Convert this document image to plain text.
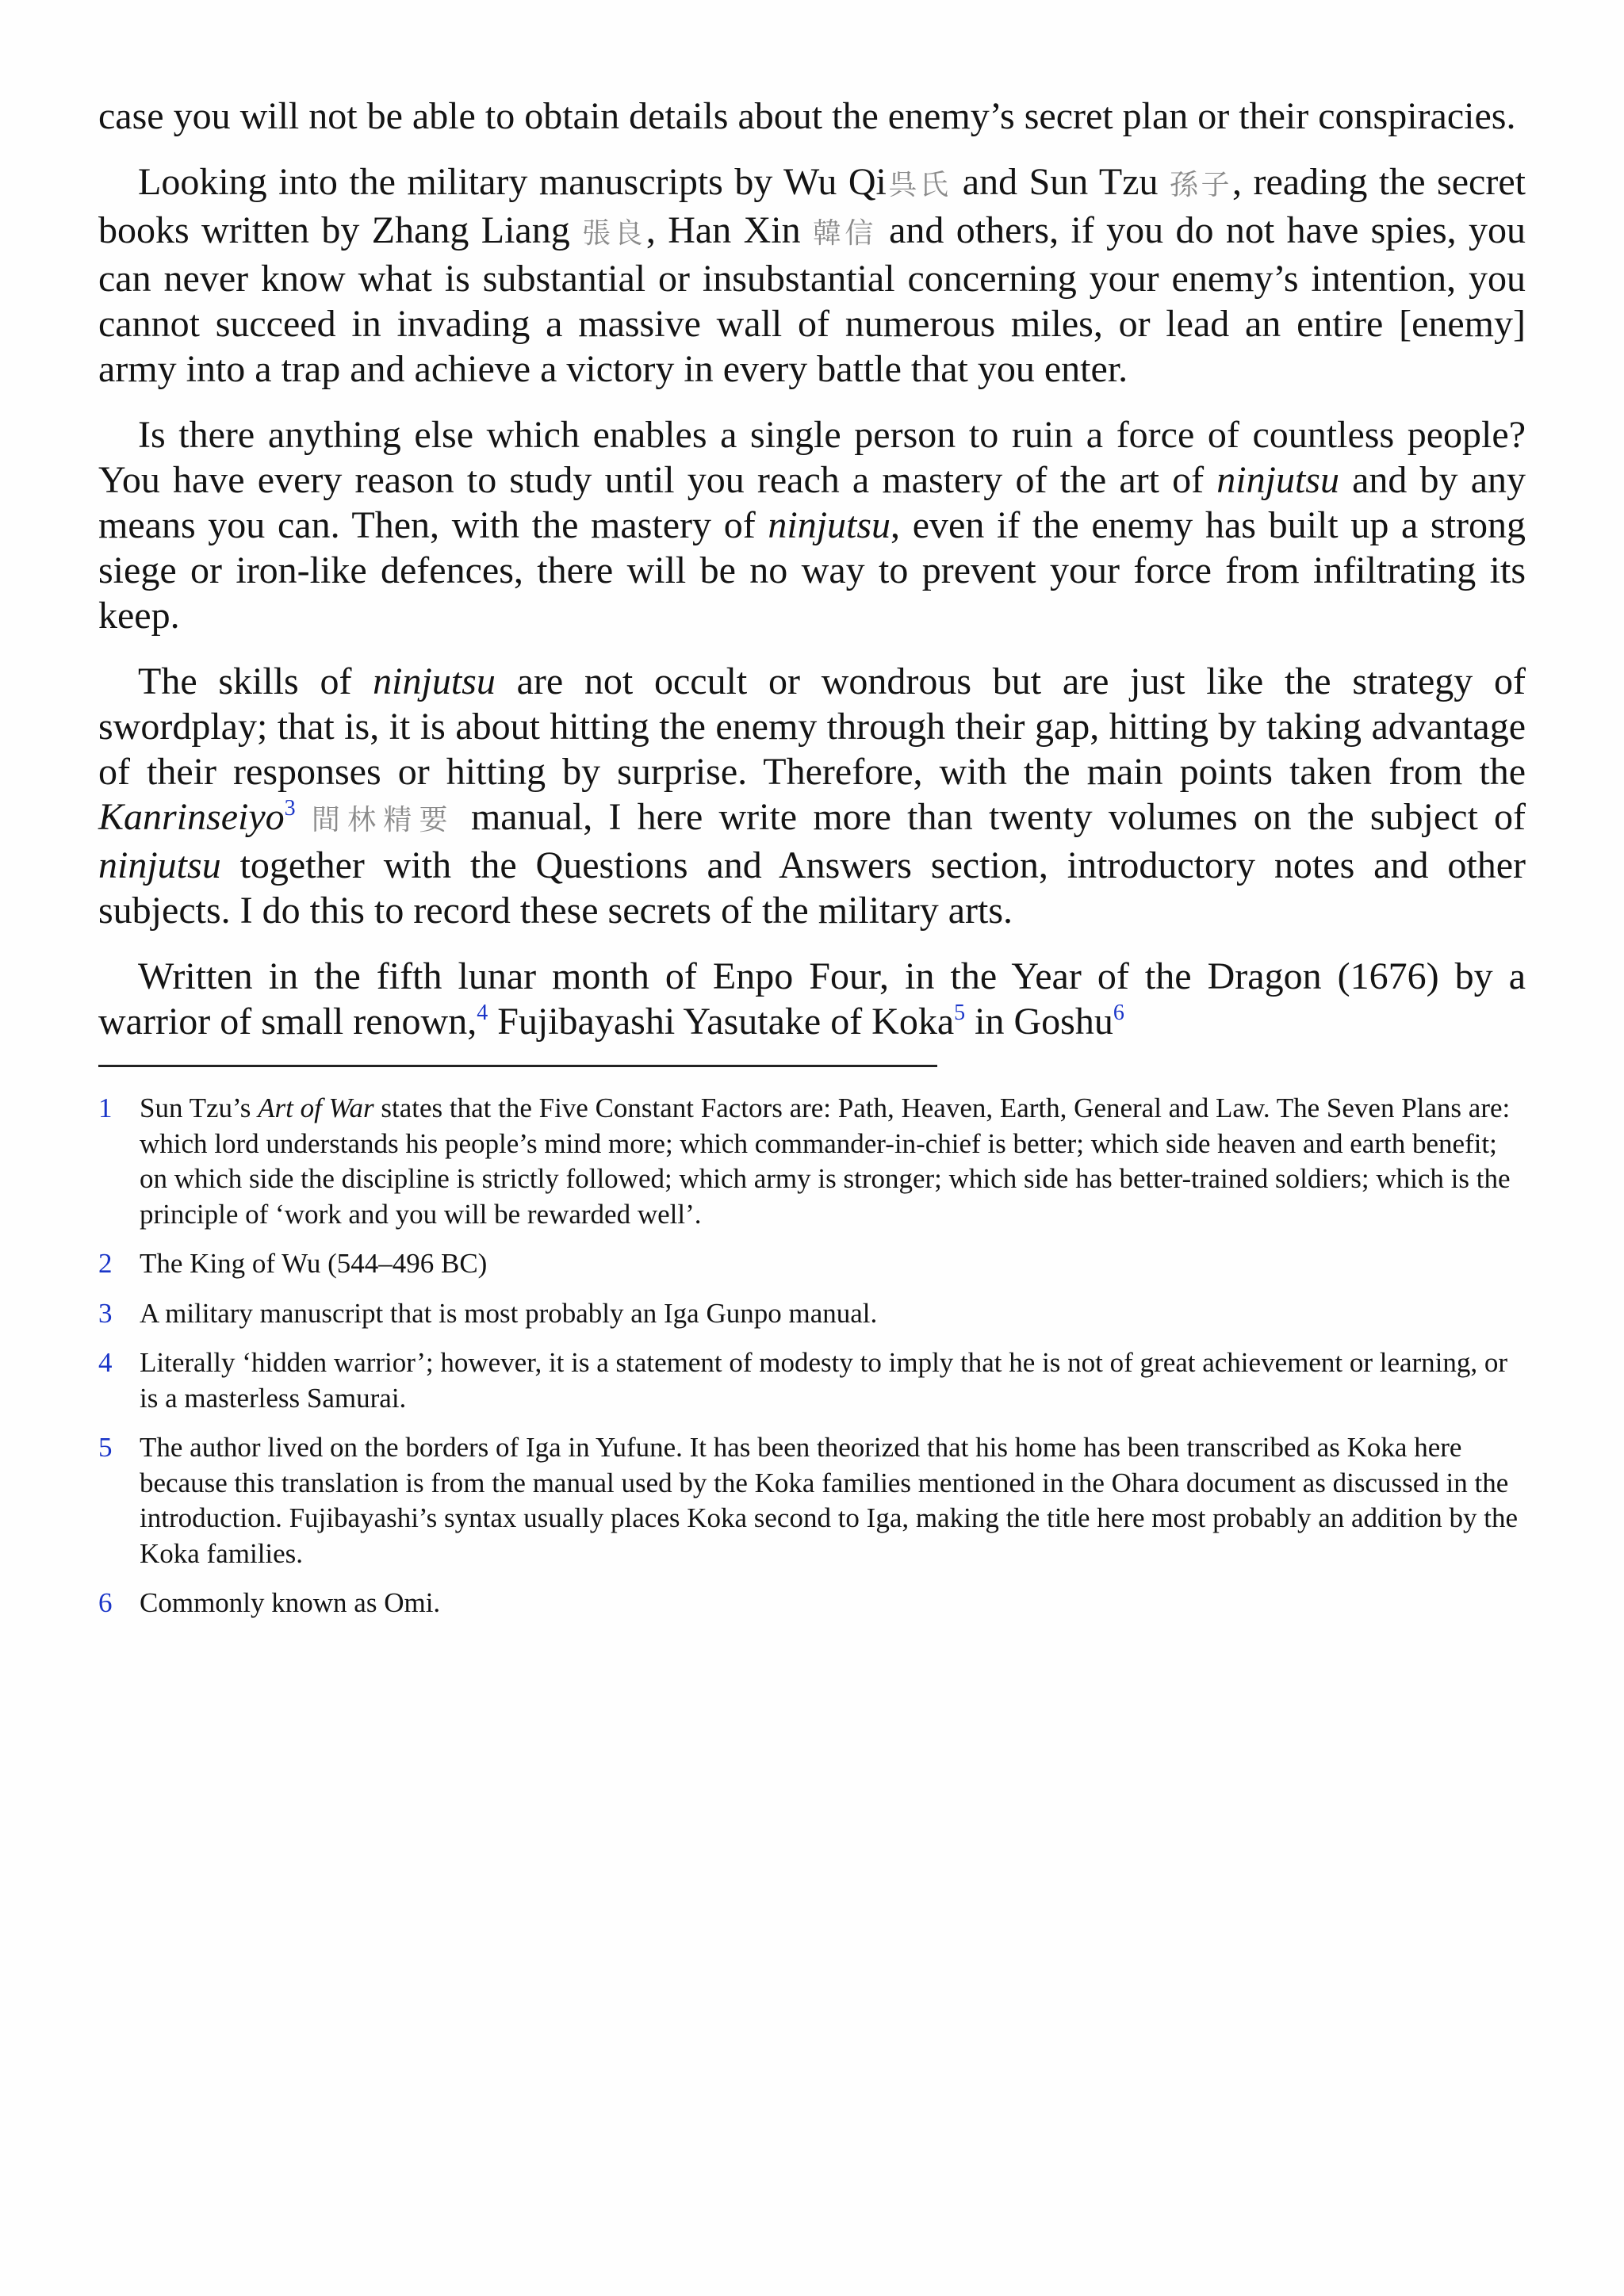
case you will not be able to obtain details about the enemy’s secret plan or their conspiracies.

Looking into the military manuscripts by Wu Qi呉氏 and Sun Tzu 孫子, reading the secret books written by Zhang Liang 張良, Han Xin 韓信 and others, if you do not have spies, you can never know what is substantial or insubstantial concerning your enemy’s intention, you cannot succeed in invading a massive wall of numerous miles, or lead an entire [enemy] army into a trap and achieve a victory in every battle that you enter.

Is there anything else which enables a single person to ruin a force of countless people? You have every reason to study until you reach a mastery of the art of ninjutsu and by any means you can. Then, with the mastery of ninjutsu, even if the enemy has built up a strong siege or iron-like defences, there will be no way to prevent your force from infiltrating its keep.

The skills of ninjutsu are not occult or wondrous but are just like the strategy of swordplay; that is, it is about hitting the enemy through their gap, hitting by taking advantage of their responses or hitting by surprise. Therefore, with the main points taken from the Kanrinseiyo$^3$ 間林精要 manual, I here write more than twenty volumes on the subject of ninjutsu together with the Questions and Answers section, introductory notes and other subjects. I do this to record these secrets of the military arts.

Written in the fifth lunar month of Enpo Four, in the Year of the Dragon (1676) by a warrior of small renown,$^4$ Fujibayashi Yasutake of Koka$^5$ in Goshu$^6$

1 Sun Tzu’s Art of War states that the Five Constant Factors are: Path, Heaven, Earth, General and Law. The Seven Plans are: which lord understands his people’s mind more; which commander-in-chief is better; which side heaven and earth benefit; on which side the discipline is strictly followed; which army is stronger; which side has better-trained soldiers; which is the principle of ‘work and you will be rewarded well’.
2 The King of Wu (544–496 BC)
3 A military manuscript that is most probably an Iga Gunpo manual.
4 Literally ‘hidden warrior’; however, it is a statement of modesty to imply that he is not of great achievement or learning, or is a masterless Samurai.
5 The author lived on the borders of Iga in Yufune. It has been theorized that his home has been transcribed as Koka here because this translation is from the manual used by the Koka families mentioned in the Ohara document as discussed in the introduction. Fujibayashi’s syntax usually places Koka second to Iga, making the title here most probably an addition by the Koka families.
6 Commonly known as Omi.
